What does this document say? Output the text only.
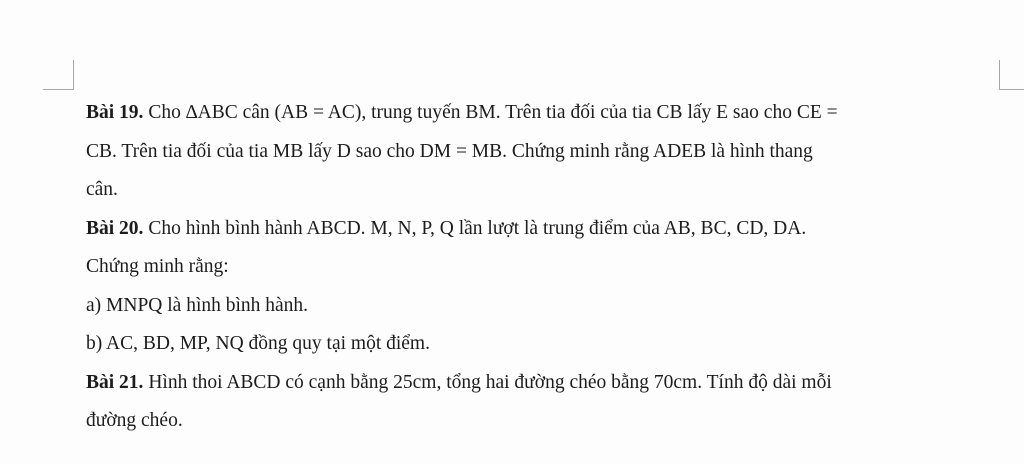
Bài 19. Cho ∆ABC cân (AB = AC), trung tuyến BM. Trên tia đối của tia CB lấy E sao cho CE =
CB. Trên tia đối của tia MB lấy D sao cho DM = MB. Chứng minh rằng ADEB là hình thang
cân.
Bài 20. Cho hình bình hành ABCD. M, N, P, Q lần lượt là trung điểm của AB, BC, CD, DA.
Chứng minh rằng:
a) MNPQ là hình bình hành.
b) AC, BD, MP, NQ đồng quy tại một điểm.
Bài 21. Hình thoi ABCD có cạnh bằng 25cm, tổng hai đường chéo bằng 70cm. Tính độ dài mỗi
đường chéo.
